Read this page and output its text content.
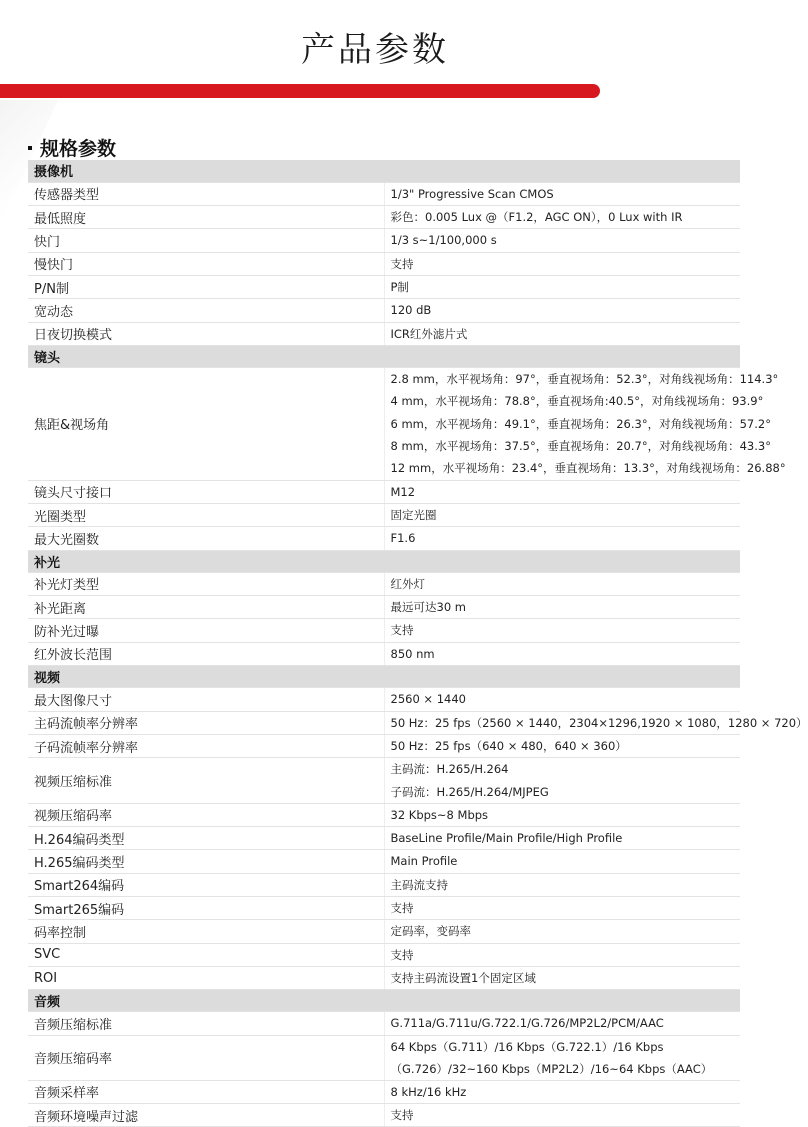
产品参数
规格参数
摄像机	
传感器类型	1/3" Progressive Scan CMOS

最低照度	彩色：0.005 Lux @（F1.2，AGC ON），0 Lux with IR

快门	1/3 s~1/100,000 s

慢快门	支持

P/N制	P制

宽动态	120 dB

日夜切换模式	ICR红外滤片式

镜头	
焦距&视场角	2.8 mm，水平视场角：97°，垂直视场角：52.3°，对角线视场角：114.3°
4 mm，水平视场角：78.8°，垂直视场角:40.5°，对角线视场角：93.9°
6 mm，水平视场角：49.1°，垂直视场角：26.3°，对角线视场角：57.2°
8 mm，水平视场角：37.5°，垂直视场角：20.7°，对角线视场角：43.3°
12 mm，水平视场角：23.4°，垂直视场角：13.3°，对角线视场角：26.88°

镜头尺寸接口	M12

光圈类型	固定光圈

最大光圈数	F1.6

补光	
补光灯类型	红外灯

补光距离	最远可达30 m

防补光过曝	支持

红外波长范围	850 nm

视频	
最大图像尺寸	2560 × 1440

主码流帧率分辨率	50 Hz：25 fps（2560 × 1440，2304×1296,1920 × 1080，1280 × 720）

子码流帧率分辨率	50 Hz：25 fps（640 × 480，640 × 360）

视频压缩标准	主码流：H.265/H.264
子码流：H.265/H.264/MJPEG

视频压缩码率	32 Kbps~8 Mbps

H.264编码类型	BaseLine Profile/Main Profile/High Profile

H.265编码类型	Main Profile

Smart264编码	主码流支持

Smart265编码	支持

码率控制	定码率，变码率

SVC	支持

ROI	支持主码流设置1个固定区域

音频	
音频压缩标准	G.711a/G.711u/G.722.1/G.726/MP2L2/PCM/AAC

音频压缩码率	64 Kbps（G.711）/16 Kbps（G.722.1）/16 Kbps（G.726）/32~160 Kbps（MP2L2）/16~64 Kbps（AAC）

音频采样率	8 kHz/16 kHz

音频环境噪声过滤	支持
